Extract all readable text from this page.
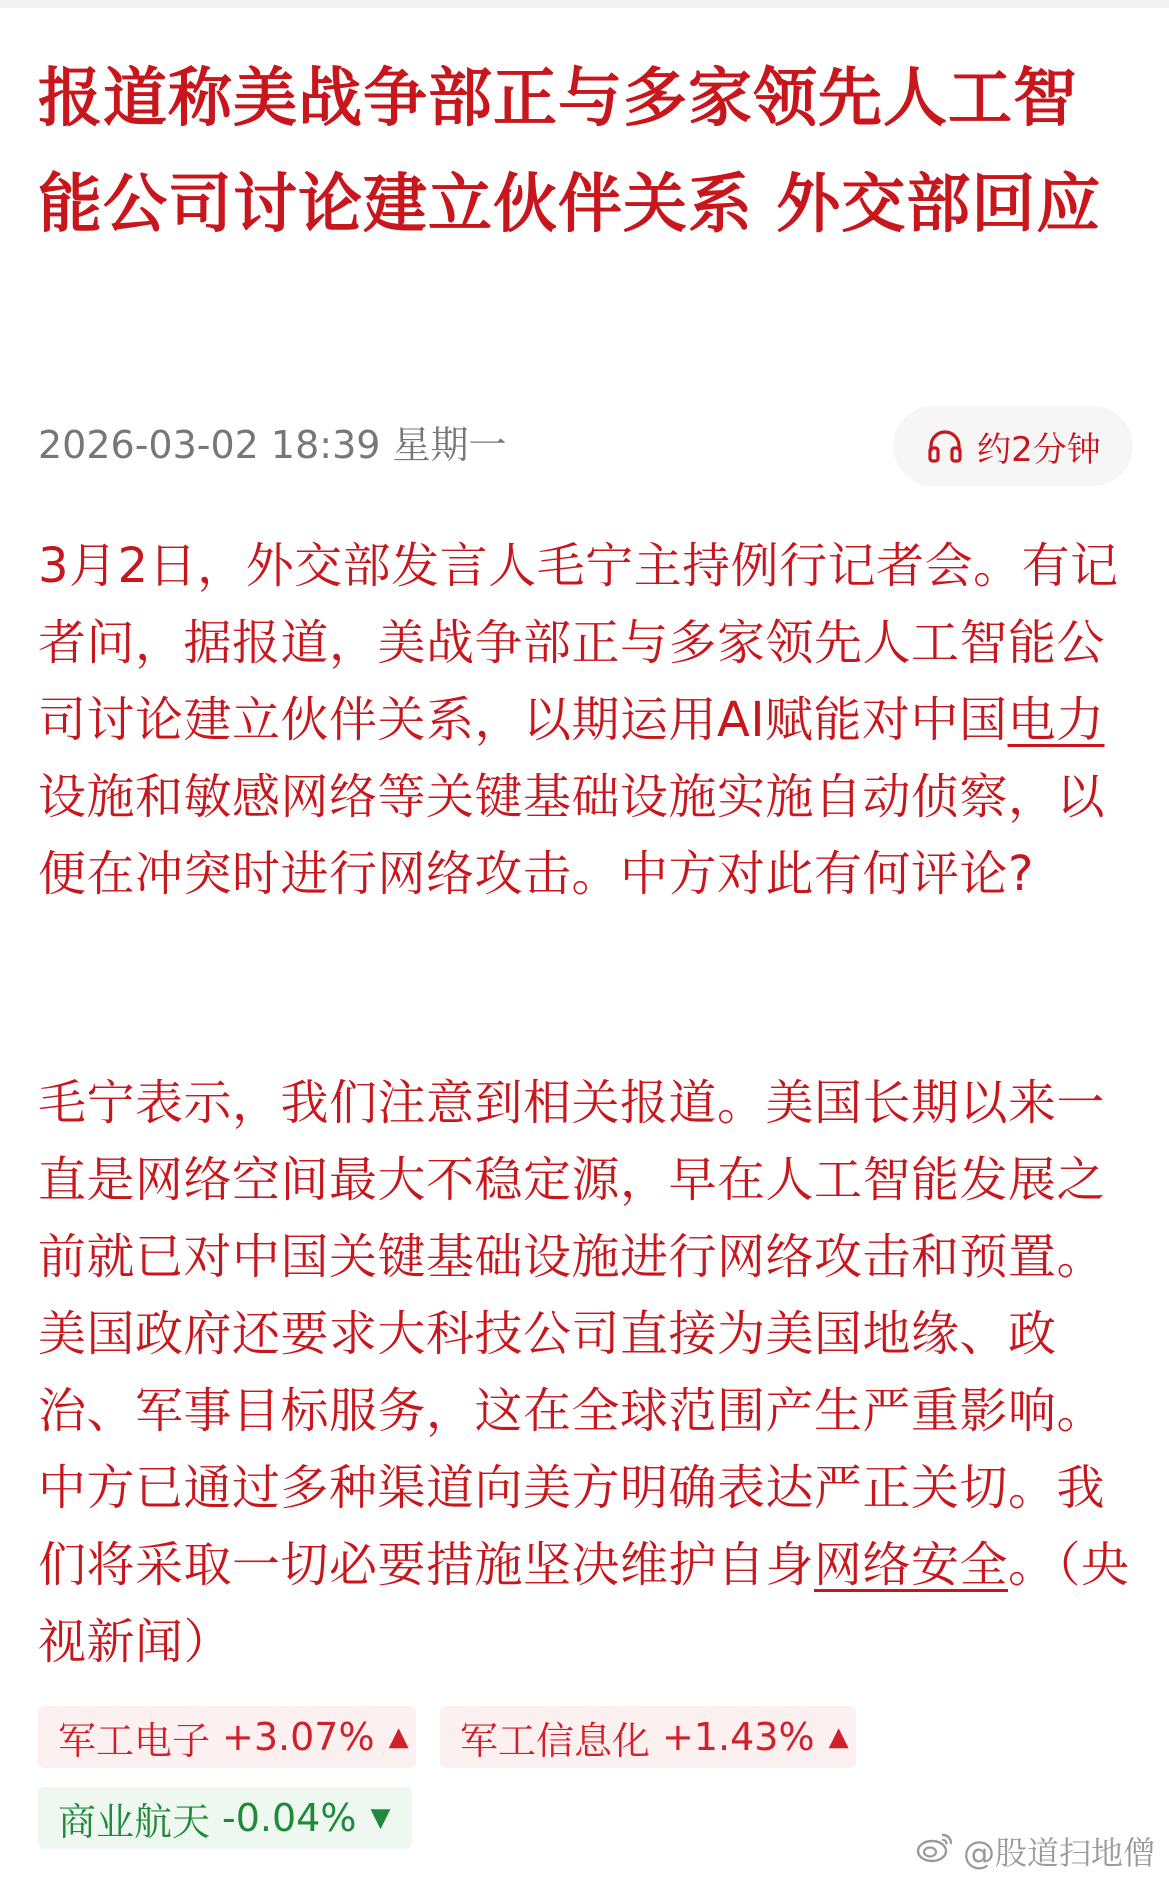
报道称美战争部正与多家领先人工智能公司讨论建立伙伴关系 外交部回应
2026-03-02 18:39 星期一	约2分钟

3月2日，外交部发言人毛宁主持例行记者会。有记者问，据报道，美战争部正与多家领先人工智能公司讨论建立伙伴关系，以期运用AI赋能对中国电力设施和敏感网络等关键基础设施实施自动侦察，以便在冲突时进行网络攻击。中方对此有何评论?

毛宁表示，我们注意到相关报道。美国长期以来一直是网络空间最大不稳定源，早在人工智能发展之前就已对中国关键基础设施进行网络攻击和预置。美国政府还要求大科技公司直接为美国地缘、政治、军事目标服务，这在全球范围产生严重影响。中方已通过多种渠道向美方明确表达严正关切。我们将采取一切必要措施坚决维护自身网络安全。（央视新闻）

军工电子 +3.07% ▲ 军工信息化 +1.43% ▲
商业航天 -0.04% ▼
@股道扫地僧
